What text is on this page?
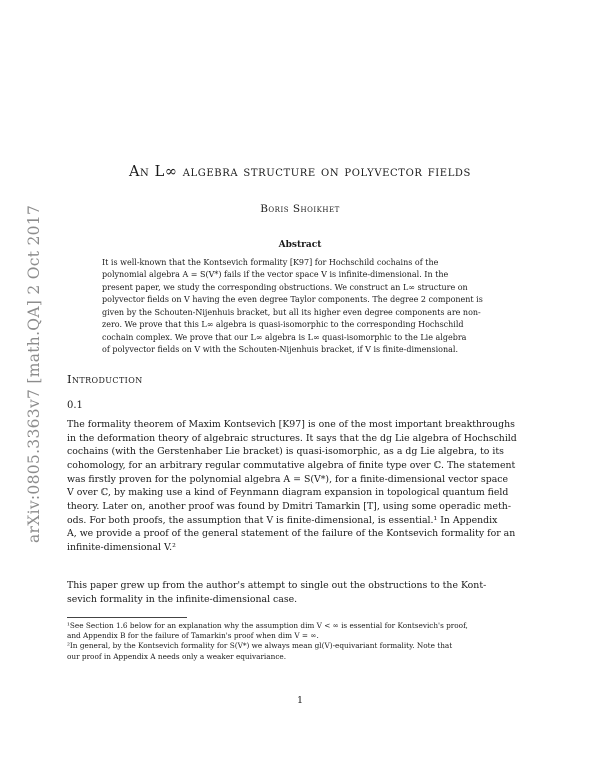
arXiv:0805.3363v7 [math.QA] 2 Oct 2017
An L∞ algebra structure on polyvector fields
Boris Shoikhet
Abstract
It is well-known that the Kontsevich formality [K97] for Hochschild cochains of the
polynomial algebra A = S(V*) fails if the vector space V is infinite-dimensional. In the
present paper, we study the corresponding obstructions. We construct an L∞ structure on
polyvector fields on V having the even degree Taylor components. The degree 2 component is
given by the Schouten-Nijenhuis bracket, but all its higher even degree components are non-
zero. We prove that this L∞ algebra is quasi-isomorphic to the corresponding Hochschild
cochain complex. We prove that our L∞ algebra is L∞ quasi-isomorphic to the Lie algebra
of polyvector fields on V with the Schouten-Nijenhuis bracket, if V is finite-dimensional.
Introduction
0.1
The formality theorem of Maxim Kontsevich [K97] is one of the most important breakthroughs
in the deformation theory of algebraic structures. It says that the dg Lie algebra of Hochschild
cochains (with the Gerstenhaber Lie bracket) is quasi-isomorphic, as a dg Lie algebra, to its
cohomology, for an arbitrary regular commutative algebra of finite type over ℂ. The statement
was firstly proven for the polynomial algebra A = S(V*), for a finite-dimensional vector space
V over ℂ, by making use a kind of Feynmann diagram expansion in topological quantum field
theory. Later on, another proof was found by Dmitri Tamarkin [T], using some operadic meth-
ods. For both proofs, the assumption that V is finite-dimensional, is essential.¹ In Appendix
A, we provide a proof of the general statement of the failure of the Kontsevich formality for an
infinite-dimensional V.²
This paper grew up from the author's attempt to single out the obstructions to the Kont-
sevich formality in the infinite-dimensional case.
¹See Section 1.6 below for an explanation why the assumption dim V < ∞ is essential for Kontsevich's proof,
and Appendix B for the failure of Tamarkin's proof when dim V = ∞.
²In general, by the Kontsevich formality for S(V*) we always mean gl(V)-equivariant formality. Note that
our proof in Appendix A needs only a weaker equivariance.
1
